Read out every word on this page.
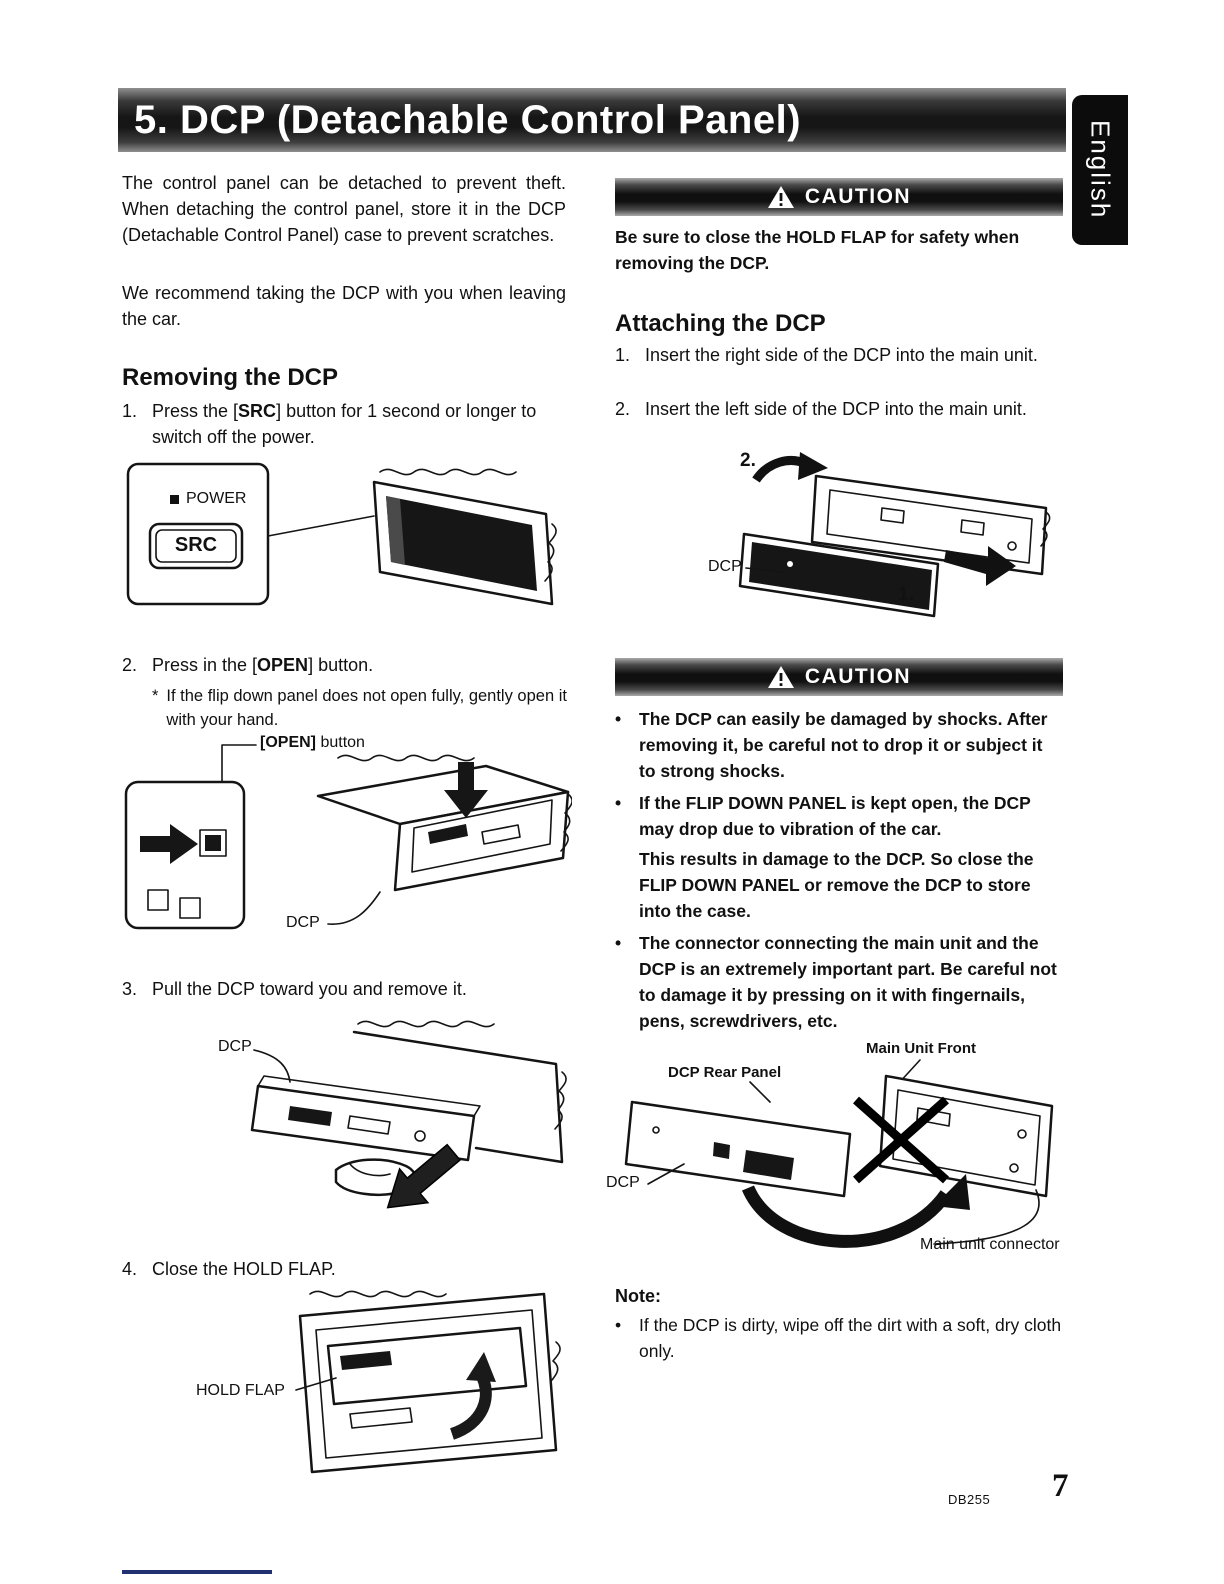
5. DCP (Detachable Control Panel)
English

The control panel can be detached to prevent theft. When detaching the control panel, store it in the DCP (Detachable Control Panel) case to prevent scratches.

We recommend taking the DCP with you when leaving the car.

Removing the DCP
1. Press the [SRC] button for 1 second or longer to switch off the power.
POWER
SRC
2. Press in the [OPEN] button.
* If the flip down panel does not open fully, gently open it with your hand.
[OPEN] button
DCP
3. Pull the DCP toward you and remove it.
DCP
4. Close the HOLD FLAP.
HOLD FLAP
CAUTION

Be sure to close the HOLD FLAP for safety when removing the DCP.

Attaching the DCP
1. Insert the right side of the DCP into the main unit.
2. Insert the left side of the DCP into the main unit.
2.
DCP
1.
CAUTION
•	The DCP can easily be damaged by shocks. After removing it, be careful not to drop it or subject it to strong shocks.
•	If the FLIP DOWN PANEL is kept open, the DCP may drop due to vibration of the car.
This results in damage to the DCP. So close the FLIP DOWN PANEL or remove the DCP to store into the case.
•	The connector connecting the main unit and the DCP is an extremely important part. Be careful not to damage it by pressing on it with fingernails, pens, screwdrivers, etc.
Main Unit Front
DCP Rear Panel
DCP
Main unit connector
Note:
•	If the DCP is dirty, wipe off the dirt with a soft, dry cloth only.
DB255 7
